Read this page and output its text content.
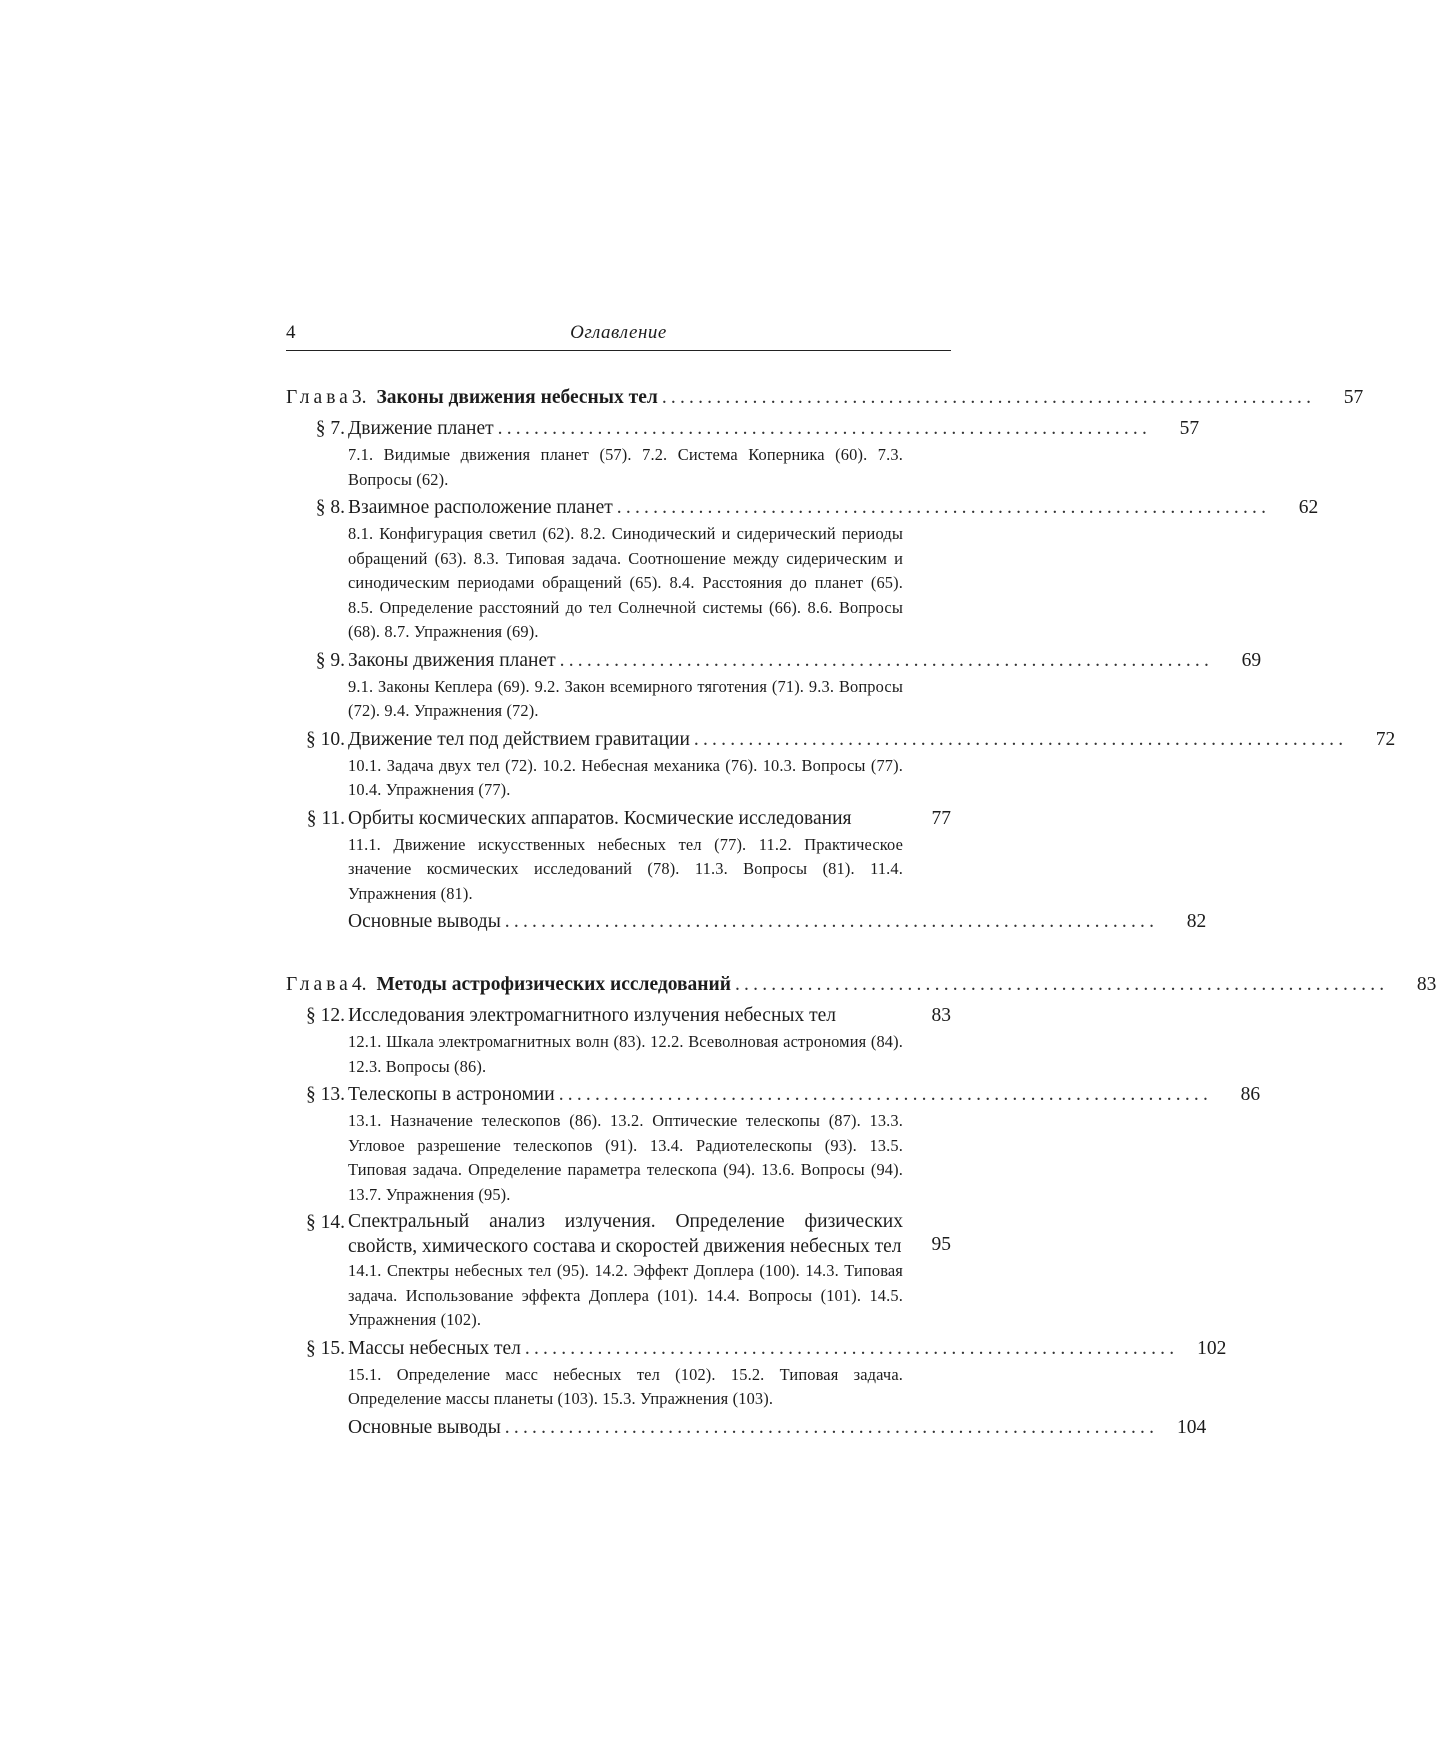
4	Оглавление
Глава 3. Законы движения небесных тел ........................................................................	57
§ 7. Движение планет ........................................................................	57
7.1. Видимые движения планет (57). 7.2. Система Коперника (60). 7.3. Вопросы (62).
§ 8. Взаимное расположение планет ........................................................................	62
8.1. Конфигурация светил (62). 8.2. Синодический и сидерический периоды обращений (63). 8.3. Типовая задача. Соотношение между сидерическим и синодическим периодами обращений (65). 8.4. Расстояния до планет (65). 8.5. Определение расстояний до тел Солнечной системы (66). 8.6. Вопросы (68). 8.7. Упражнения (69).
§ 9. Законы движения планет ........................................................................	69
9.1. Законы Кеплера (69). 9.2. Закон всемирного тяготения (71). 9.3. Вопросы (72). 9.4. Упражнения (72).
§ 10. Движение тел под действием гравитации ........................................................................	72
10.1. Задача двух тел (72). 10.2. Небесная механика (76). 10.3. Вопросы (77). 10.4. Упражнения (77).
§ 11. Орбиты космических аппаратов. Космические исследования	77
11.1. Движение искусственных небесных тел (77). 11.2. Практическое значение космических исследований (78). 11.3. Вопросы (81). 11.4. Упражнения (81).
Основные выводы ........................................................................	82
Глава 4. Методы астрофизических исследований ........................................................................	83
§ 12. Исследования электромагнитного излучения небесных тел	83
12.1. Шкала электромагнитных волн (83). 12.2. Всеволновая астрономия (84). 12.3. Вопросы (86).
§ 13. Телескопы в астрономии ........................................................................	86
13.1. Назначение телескопов (86). 13.2. Оптические телескопы (87). 13.3. Угловое разрешение телескопов (91). 13.4. Радиотелескопы (93). 13.5. Типовая задача. Определение параметра телескопа (94). 13.6. Вопросы (94). 13.7. Упражнения (95).
§ 14. Спектральный анализ излучения. Определение физических свойств, химического состава и скоростей движения небесных тел	95
14.1. Спектры небесных тел (95). 14.2. Эффект Доплера (100). 14.3. Типовая задача. Использование эффекта Доплера (101). 14.4. Вопросы (101). 14.5. Упражнения (102).
§ 15. Массы небесных тел ........................................................................ 102
15.1. Определение масс небесных тел (102). 15.2. Типовая задача. Определение массы планеты (103). 15.3. Упражнения (103).
Основные выводы ........................................................................ 104
